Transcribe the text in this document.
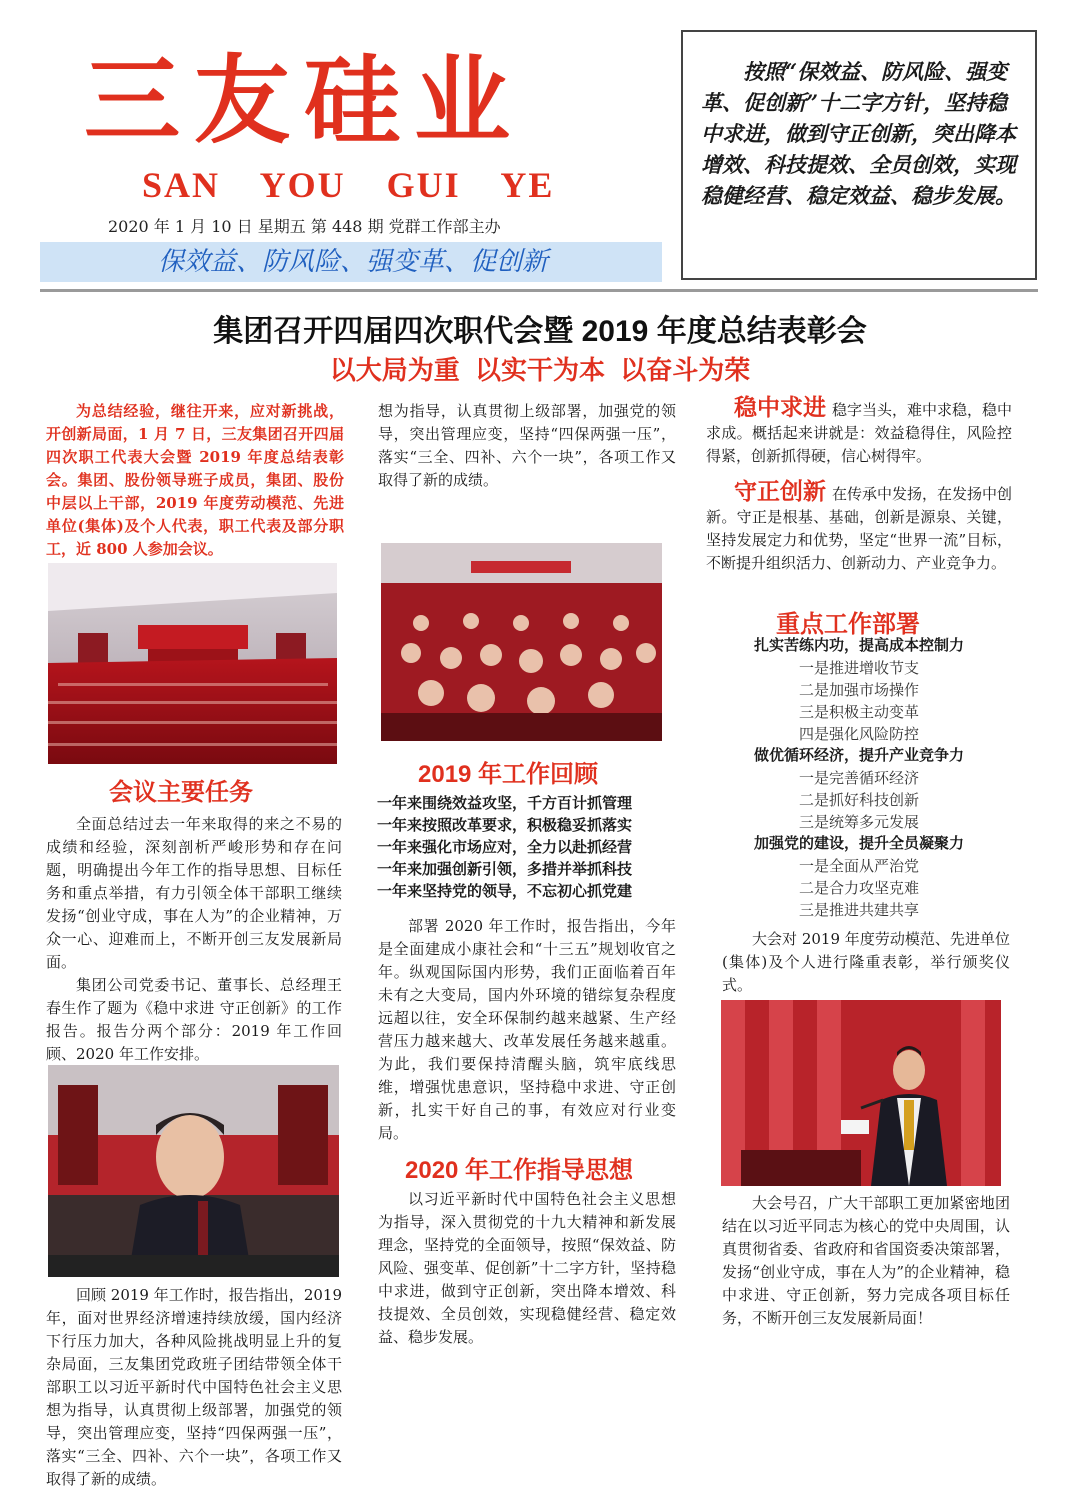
三友硅业
SAN YOU GUI YE
2020 年 1 月 10 日 星期五 第 448 期 党群工作部主办
保效益、防风险、强变革、促创新
按照“保效益、防风险、强变革、促创新”十二字方针，坚持稳中求进，做到守正创新，突出降本增效、科技提效、全员创效，实现稳健经营、稳定效益、稳步发展。
集团召开四届四次职代会暨 2019 年度总结表彰会
以大局为重 以实干为本 以奋斗为荣

为总结经验，继往开来，应对新挑战，开创新局面，1 月 7 日，三友集团召开四届四次职工代表大会暨 2019 年度总结表彰会。集团、股份领导班子成员，集团、股份中层以上干部，2019 年度劳动模范、先进单位(集体)及个人代表，职工代表及部分职工，近 800 人参加会议。

会议主要任务

全面总结过去一年来取得的来之不易的成绩和经验，深刻剖析严峻形势和存在问题，明确提出今年工作的指导思想、目标任务和重点举措，有力引领全体干部职工继续发扬“创业守成，事在人为”的企业精神，万众一心、迎难而上，不断开创三友发展新局面。

集团公司党委书记、董事长、总经理王春生作了题为《稳中求进 守正创新》的工作报告。报告分两个部分：2019 年工作回顾、2020 年工作安排。

回顾 2019 年工作时，报告指出，2019 年，面对世界经济增速持续放缓，国内经济下行压力加大，各种风险挑战明显上升的复杂局面，三友集团党政班子团结带领全体干部职工以习近平新时代中国特色社会主义思想为指导，认真贯彻上级部署，加强党的领导，突出管理应变，坚持“四保两强一压”，落实“三全、四补、六个一块”，各项工作又取得了新的成绩。

想为指导，认真贯彻上级部署，加强党的领导，突出管理应变，坚持“四保两强一压”，落实“三全、四补、六个一块”，各项工作又取得了新的成绩。
2019 年工作回顾
一年来围绕效益攻坚，千方百计抓管理
一年来按照改革要求，积极稳妥抓落实
一年来强化市场应对，全力以赴抓经营
一年来加强创新引领，多措并举抓科技
一年来坚持党的领导，不忘初心抓党建

部署 2020 年工作时，报告指出，今年是全面建成小康社会和“十三五”规划收官之年。纵观国际国内形势，我们正面临着百年未有之大变局，国内外环境的错综复杂程度远超以往，安全环保制约越来越紧、生产经营压力越来越大、改革发展任务越来越重。为此，我们要保持清醒头脑，筑牢底线思维，增强忧患意识，坚持稳中求进、守正创新，扎实干好自己的事，有效应对行业变局。

2020 年工作指导思想

以习近平新时代中国特色社会主义思想为指导，深入贯彻党的十九大精神和新发展理念，坚持党的全面领导，按照“保效益、防风险、强变革、促创新”十二字方针，坚持稳中求进，做到守正创新，突出降本增效、科技提效、全员创效，实现稳健经营、稳定效益、稳步发展。

稳中求进 稳字当头，难中求稳，稳中求成。概括起来讲就是：效益稳得住，风险控得紧，创新抓得硬，信心树得牢。
守正创新 在传承中发扬，在发扬中创新。守正是根基、基础，创新是源泉、关键，坚持发展定力和优势，坚定“世界一流”目标，不断提升组织活力、创新动力、产业竞争力。
重点工作部署
扎实苦练内功，提高成本控制力
一是推进增收节支
二是加强市场操作
三是积极主动变革
四是强化风险防控
做优循环经济，提升产业竞争力
一是完善循环经济
二是抓好科技创新
三是统筹多元发展
加强党的建设，提升全员凝聚力
一是全面从严治党
二是合力攻坚克难
三是推进共建共享

大会对 2019 年度劳动模范、先进单位(集体)及个人进行隆重表彰，举行颁奖仪式。

大会号召，广大干部职工更加紧密地团结在以习近平同志为核心的党中央周围，认真贯彻省委、省政府和省国资委决策部署，发扬“创业守成，事在人为”的企业精神，稳中求进、守正创新，努力完成各项目标任务，不断开创三友发展新局面！
